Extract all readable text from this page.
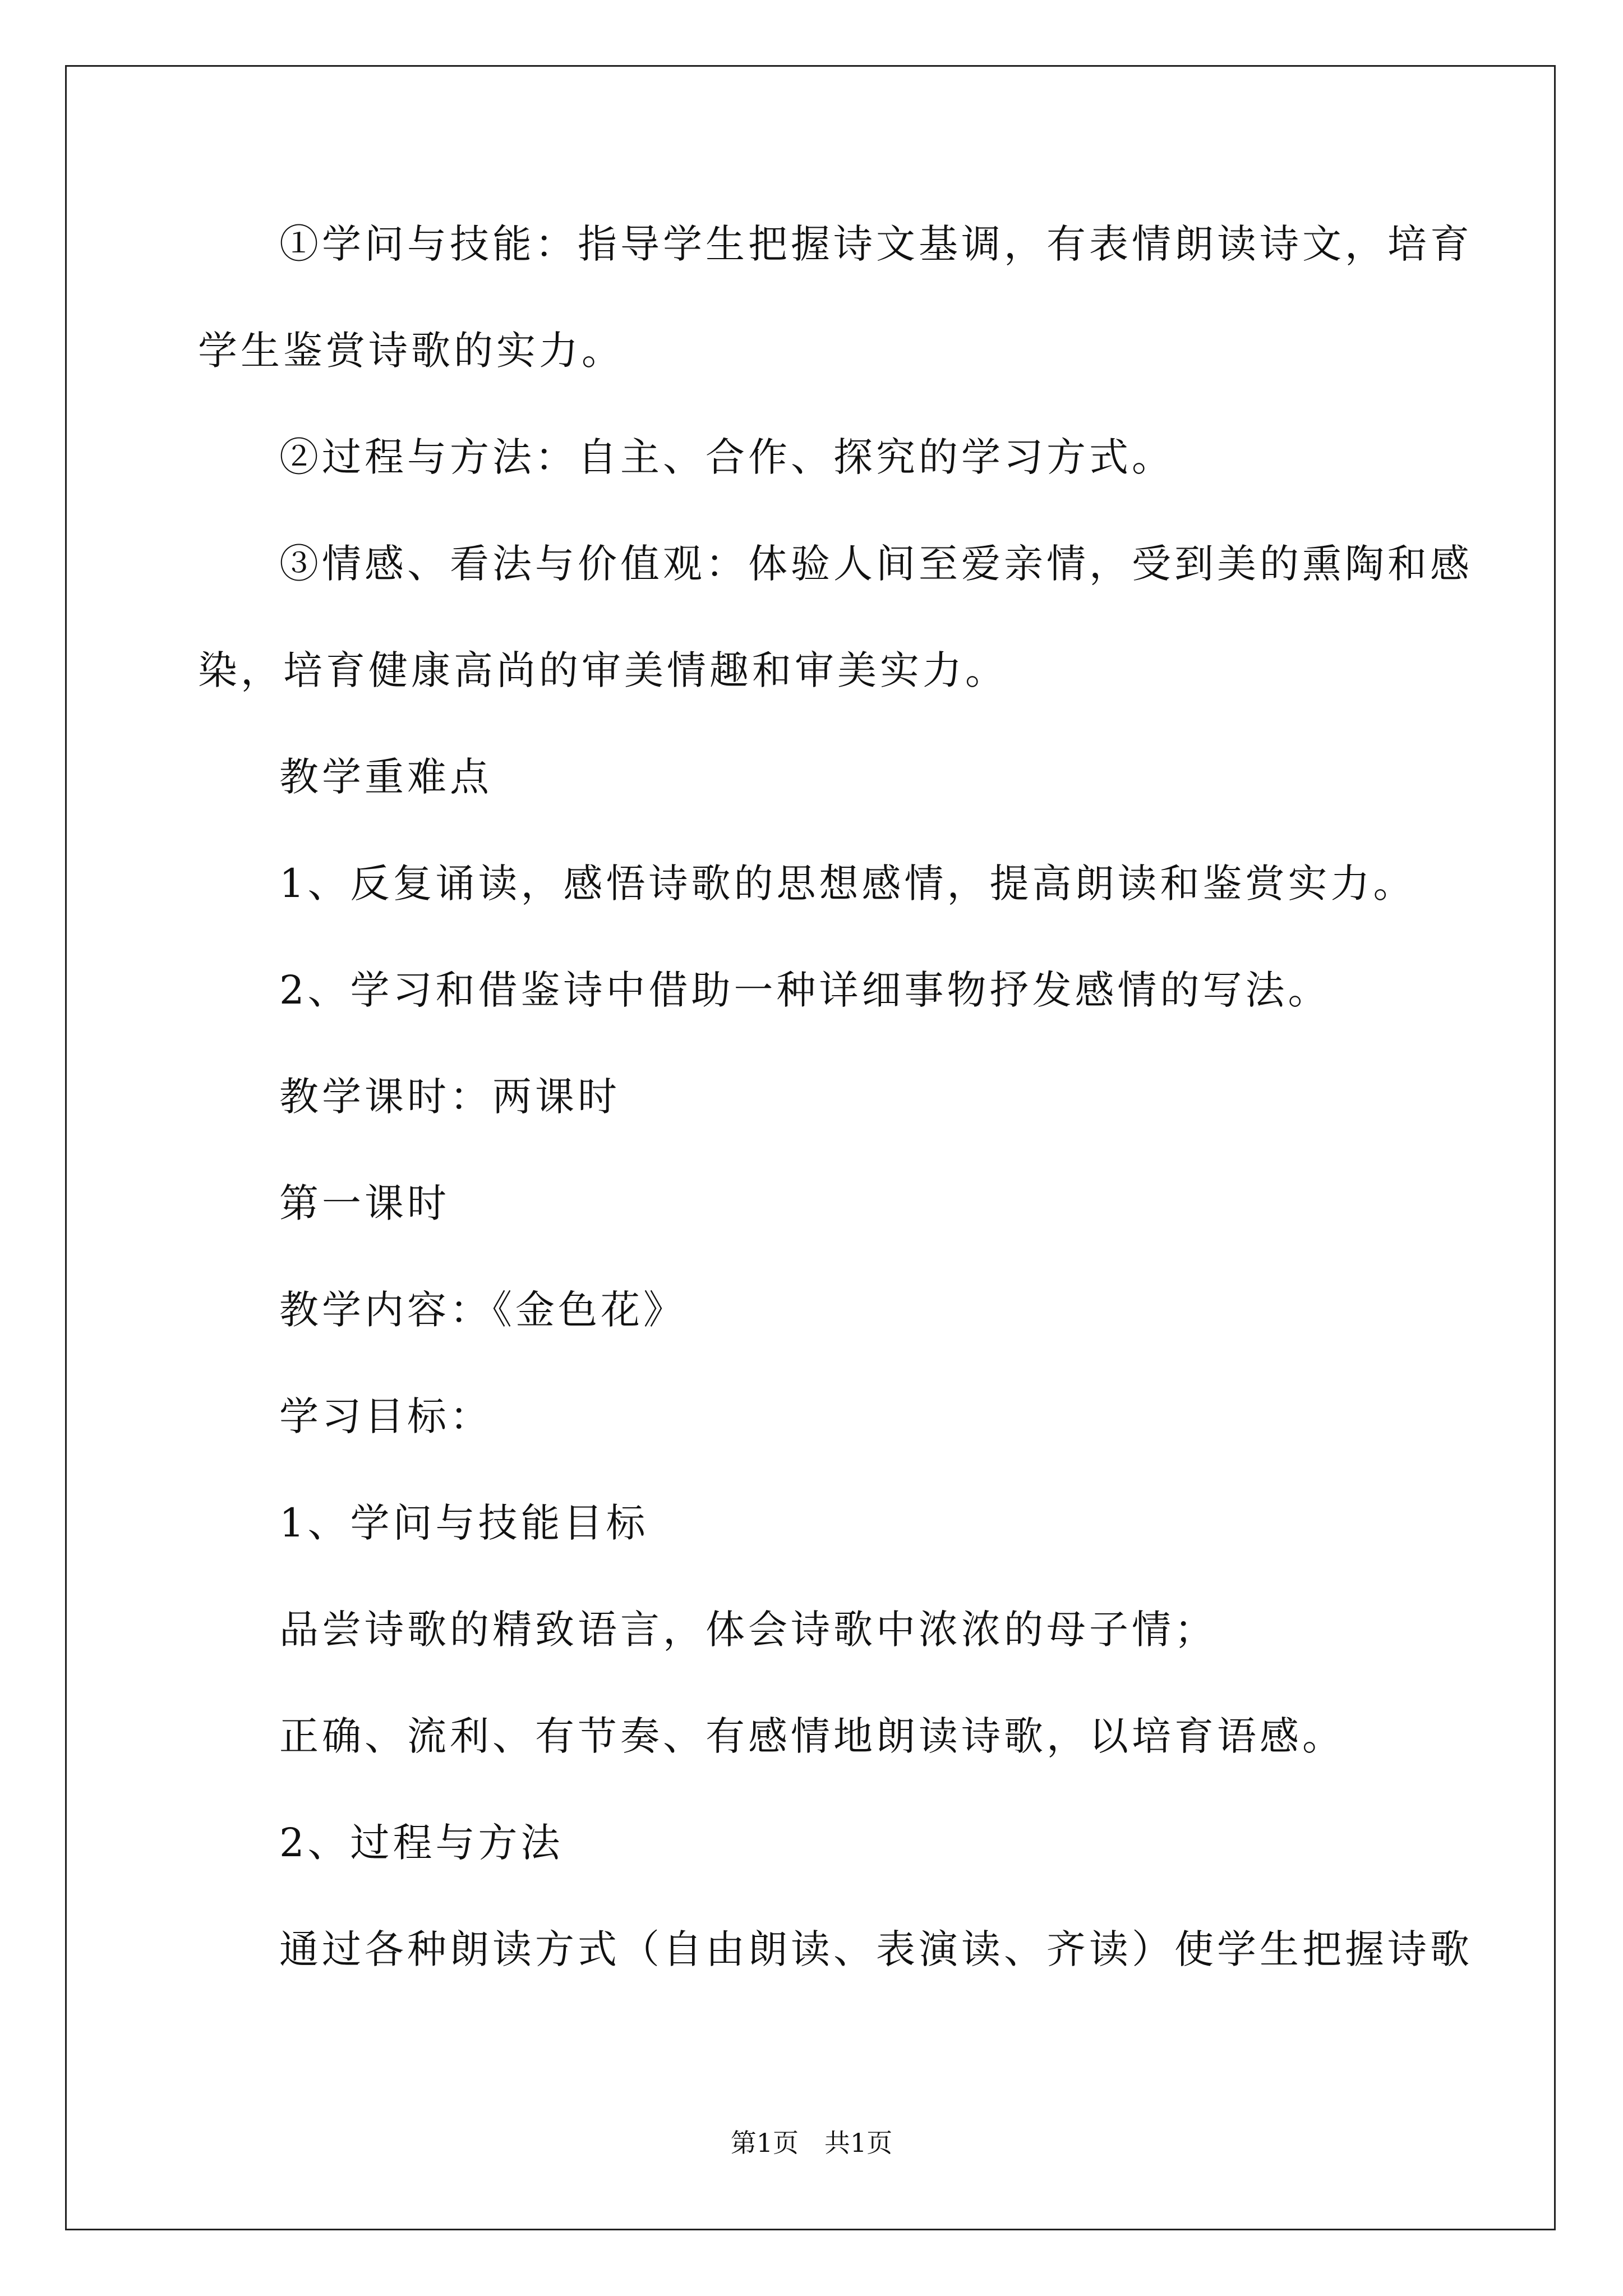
①学问与技能：指导学生把握诗文基调，有表情朗读诗文，培育
学生鉴赏诗歌的实力。
②过程与方法：自主、合作、探究的学习方式。
③情感、看法与价值观：体验人间至爱亲情，受到美的熏陶和感
染，培育健康高尚的审美情趣和审美实力。
教学重难点
1、反复诵读，感悟诗歌的思想感情，提高朗读和鉴赏实力。
2、学习和借鉴诗中借助一种详细事物抒发感情的写法。
教学课时：两课时
第一课时
教学内容：《金色花》
学习目标：
1、学问与技能目标
品尝诗歌的精致语言，体会诗歌中浓浓的母子情；
正确、流利、有节奏、有感情地朗读诗歌，以培育语感。
2、过程与方法
通过各种朗读方式（自由朗读、表演读、齐读）使学生把握诗歌
第1页　共1页
